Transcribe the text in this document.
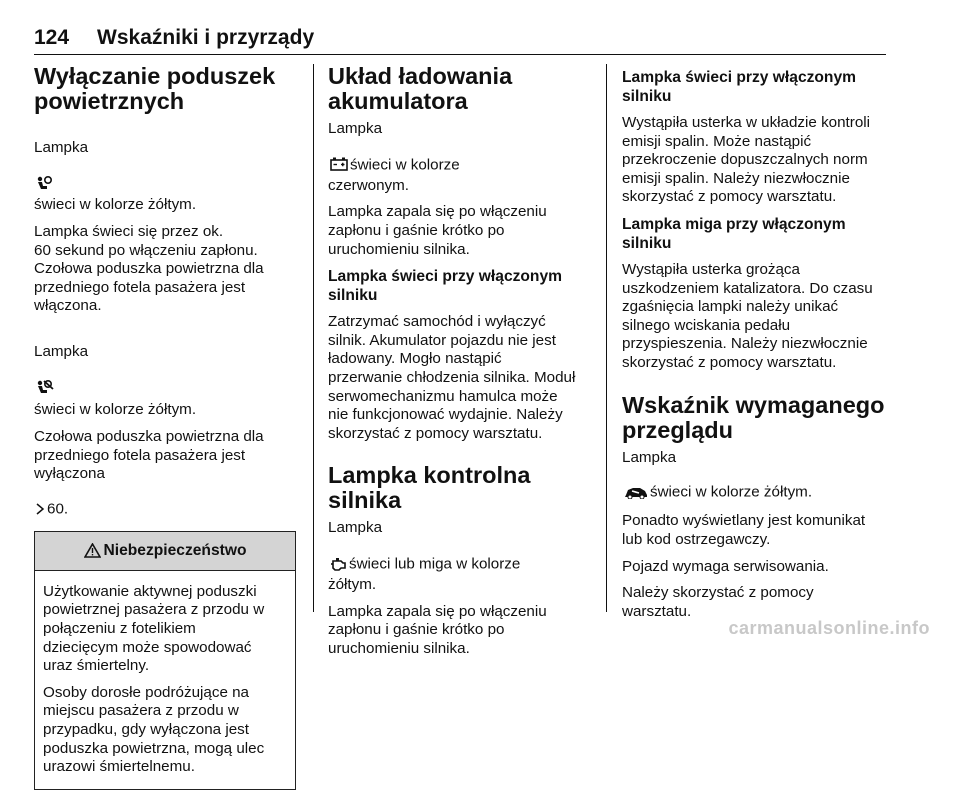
124 Wskaźniki i przyrządy
Wyłączanie poduszek powietrznych

Lampka

świeci w kolorze żółtym.

Lampka świeci się przez ok.
60 sekund po włączeniu zapłonu.
Czołowa poduszka powietrzna dla
przedniego fotela pasażera jest
włączona.

Lampka

świeci w kolorze żółtym.

Czołowa poduszka powietrzna dla
przedniego fotela pasażera jest
wyłączona

60.

Niebezpieczeństwo

Użytkowanie aktywnej poduszki
powietrznej pasażera z przodu w
połączeniu z fotelikiem
dziecięcym może spowodować
uraz śmiertelny.

Osoby dorosłe podróżujące na
miejscu pasażera z przodu w
przypadku, gdy wyłączona jest
poduszka powietrzna, mogą ulec
urazowi śmiertelnemu.

Układ ładowania akumulatora

Lampka

świeci w kolorze
czerwonym.

Lampka zapala się po włączeniu
zapłonu i gaśnie krótko po
uruchomieniu silnika.

Lampka świeci przy włączonym silniku

Zatrzymać samochód i wyłączyć
silnik. Akumulator pojazdu nie jest
ładowany. Mogło nastąpić
przerwanie chłodzenia silnika. Moduł
serwomechanizmu hamulca może
nie funkcjonować wydajnie. Należy
skorzystać z pomocy warsztatu.

Lampka kontrolna silnika

Lampka

świeci lub miga w kolorze
żółtym.

Lampka zapala się po włączeniu
zapłonu i gaśnie krótko po
uruchomieniu silnika.

Lampka świeci przy włączonym silniku

Wystąpiła usterka w układzie kontroli
emisji spalin. Może nastąpić
przekroczenie dopuszczalnych norm
emisji spalin. Należy niezwłocznie
skorzystać z pomocy warsztatu.

Lampka miga przy włączonym silniku

Wystąpiła usterka grożąca
uszkodzeniem katalizatora. Do czasu
zgaśnięcia lampki należy unikać
silnego wciskania pedału
przyspieszenia. Należy niezwłocznie
skorzystać z pomocy warsztatu.

Wskaźnik wymaganego przeglądu

Lampka

świeci w kolorze żółtym.

Ponadto wyświetlany jest komunikat
lub kod ostrzegawczy.

Pojazd wymaga serwisowania.

Należy skorzystać z pomocy
warsztatu.

carmanualsonline.info
